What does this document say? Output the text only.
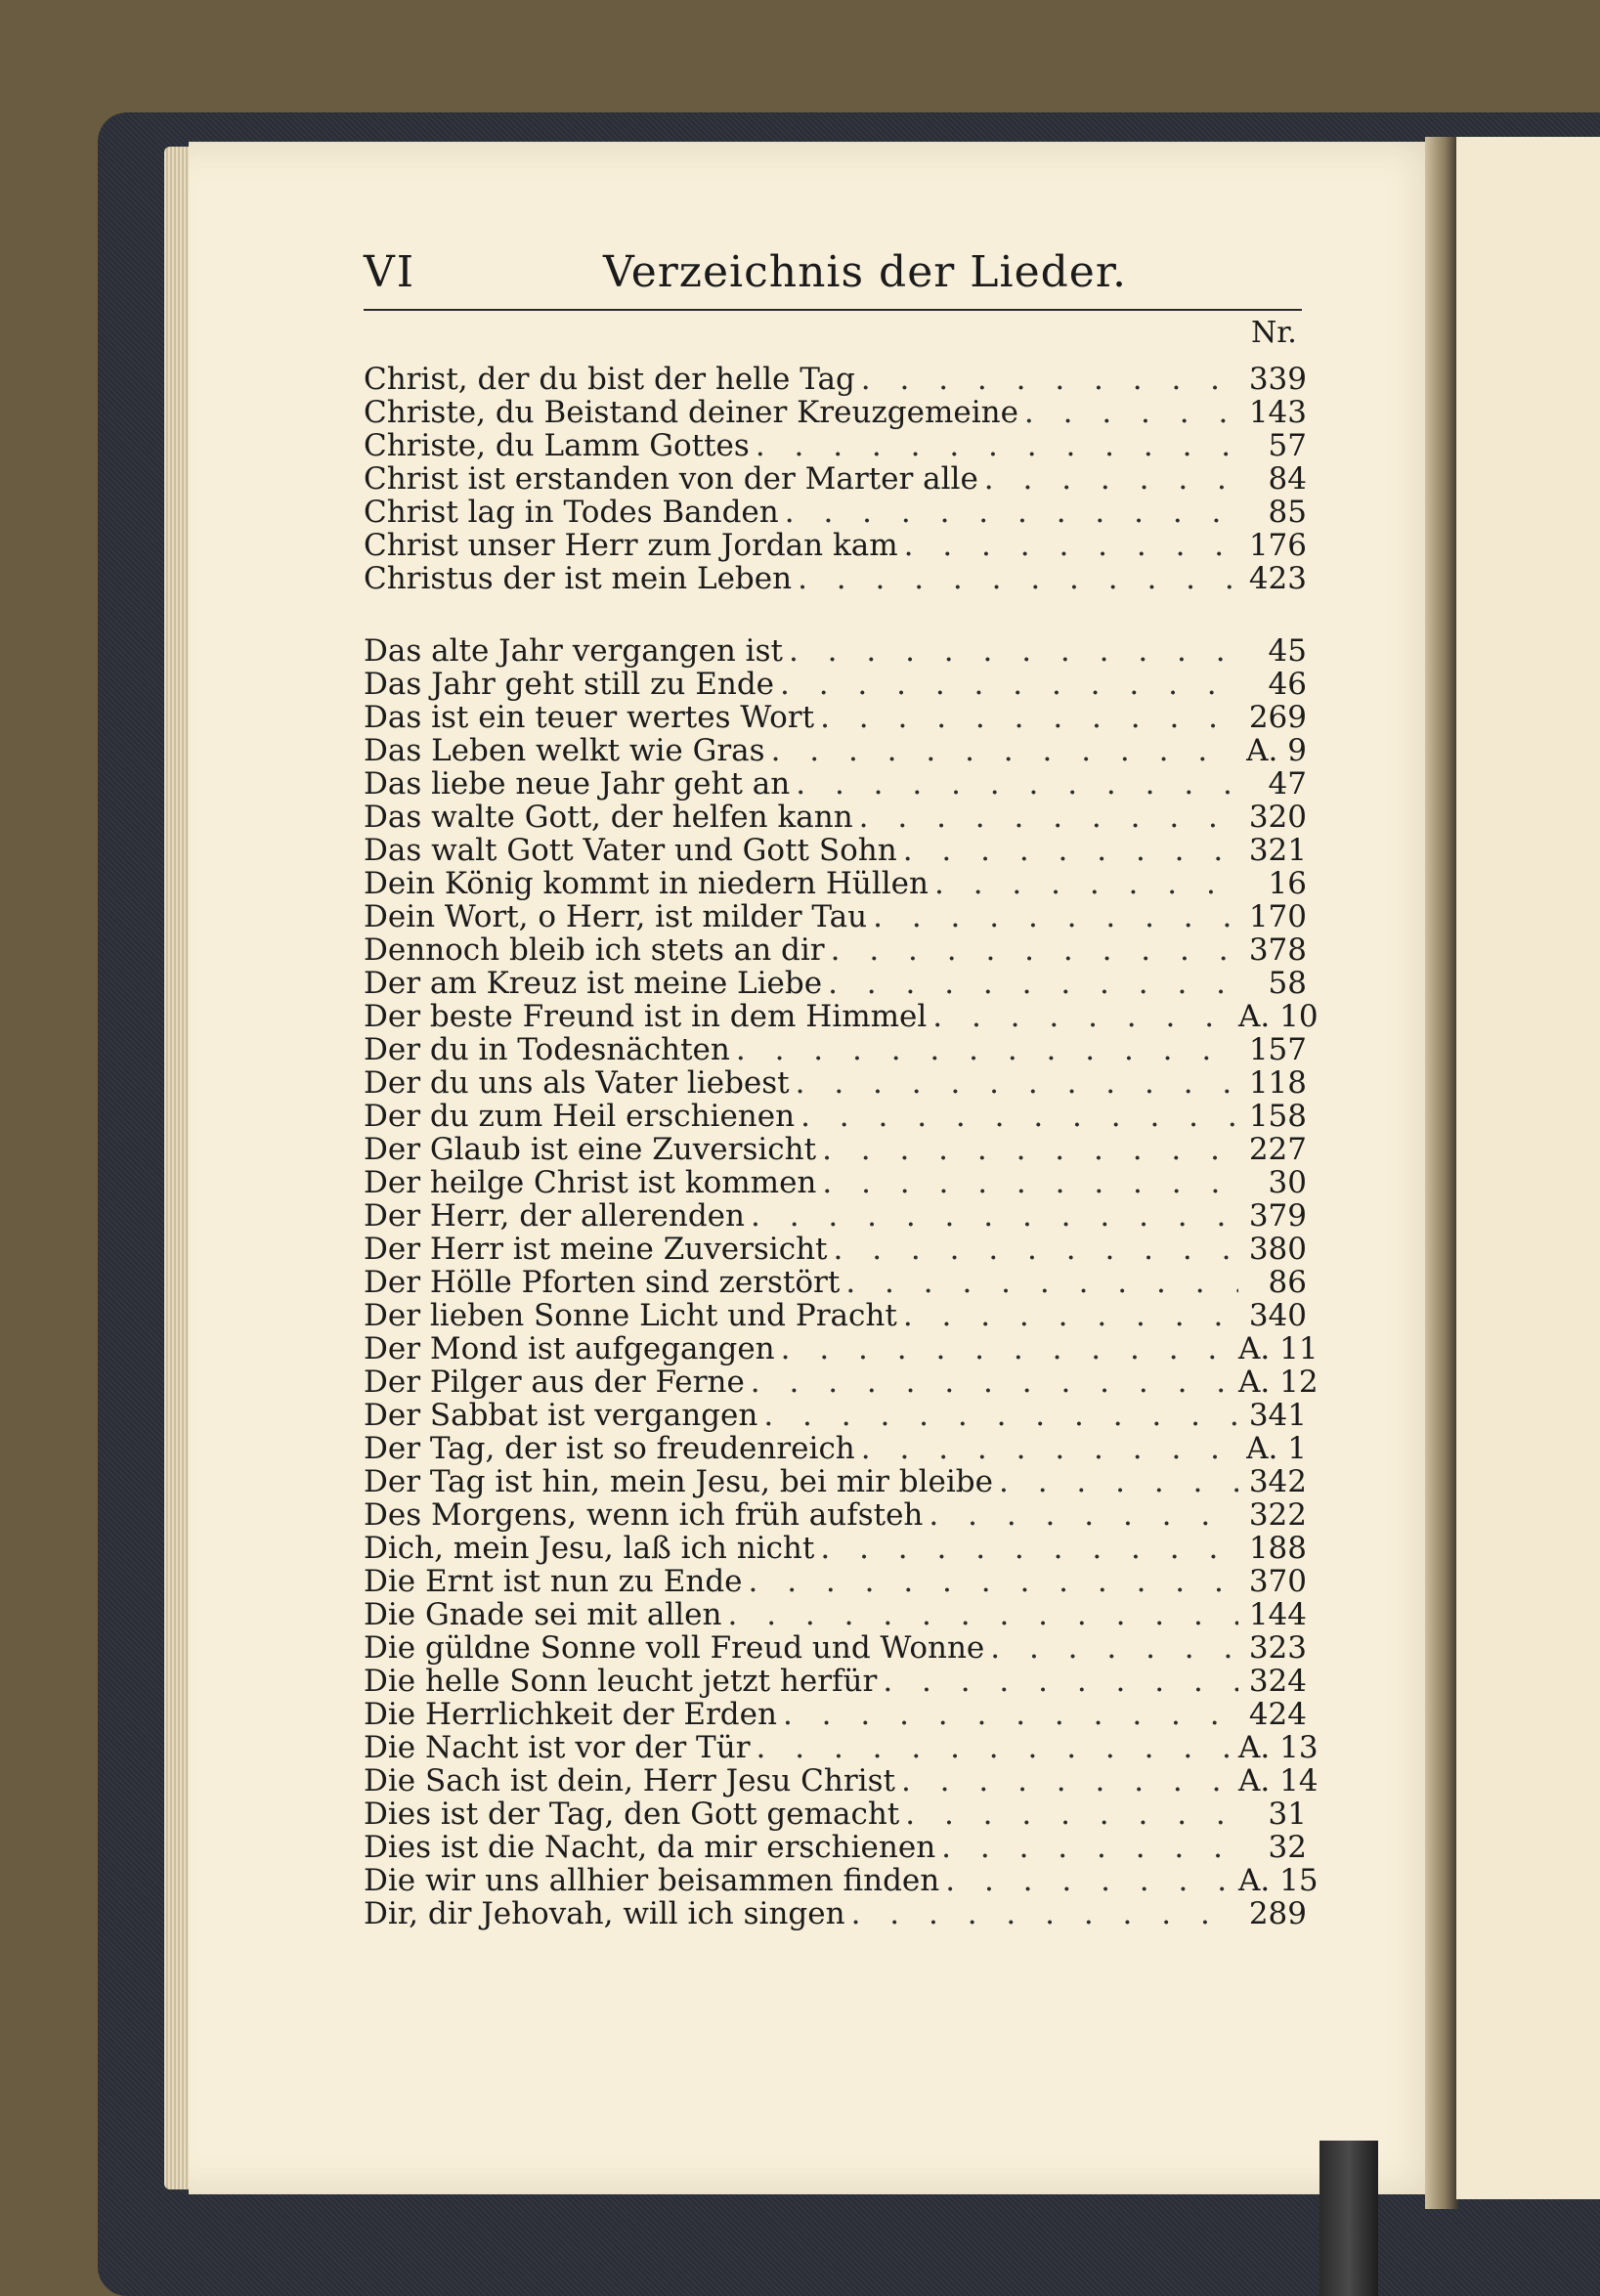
VI	Verzeichnis der Lieder.
Nr.
Christ, der du bist der helle Tag . . .	339
Christe, du Beistand deiner Kreuzgemeine . . .	143
Christe, du Lamm Gottes . . .	57
Christ ist erstanden von der Marter alle . . .	84
Christ lag in Todes Banden . . .	85
Christ unser Herr zum Jordan kam . . .	176
Christus der ist mein Leben . . .	423
Das alte Jahr vergangen ist . . .	45
Das Jahr geht still zu Ende . . .	46
Das ist ein teuer wertes Wort . . .	269
Das Leben welkt wie Gras . . .	A. 9
Das liebe neue Jahr geht an . . .	47
Das walte Gott, der helfen kann . . .	320
Das walt Gott Vater und Gott Sohn . . .	321
Dein König kommt in niedern Hüllen . . .	16
Dein Wort, o Herr, ist milder Tau . . .	170
Dennoch bleib ich stets an dir . . .	378
Der am Kreuz ist meine Liebe . . .	58
Der beste Freund ist in dem Himmel . . .	A. 10
Der du in Todesnächten . . .	157
Der du uns als Vater liebest . . .	118
Der du zum Heil erschienen . . .	158
Der Glaub ist eine Zuversicht . . .	227
Der heilge Christ ist kommen . . .	30
Der Herr, der allerenden . . .	379
Der Herr ist meine Zuversicht . . .	380
Der Hölle Pforten sind zerstört . . .	86
Der lieben Sonne Licht und Pracht . . .	340
Der Mond ist aufgegangen . . .	A. 11
Der Pilger aus der Ferne . . .	A. 12
Der Sabbat ist vergangen . . .	341
Der Tag, der ist so freudenreich . . .	A. 1
Der Tag ist hin, mein Jesu, bei mir bleibe . . .	342
Des Morgens, wenn ich früh aufsteh . . .	322
Dich, mein Jesu, laß ich nicht . . .	188
Die Ernt ist nun zu Ende . . .	370
Die Gnade sei mit allen . . .	144
Die güldne Sonne voll Freud und Wonne . . .	323
Die helle Sonn leucht jetzt herfür . . .	324
Die Herrlichkeit der Erden . . .	424
Die Nacht ist vor der Tür . . .	A. 13
Die Sach ist dein, Herr Jesu Christ . . .	A. 14
Dies ist der Tag, den Gott gemacht . . .	31
Dies ist die Nacht, da mir erschienen . . .	32
Die wir uns allhier beisammen finden . . .	A. 15
Dir, dir Jehovah, will ich singen . . .	289
